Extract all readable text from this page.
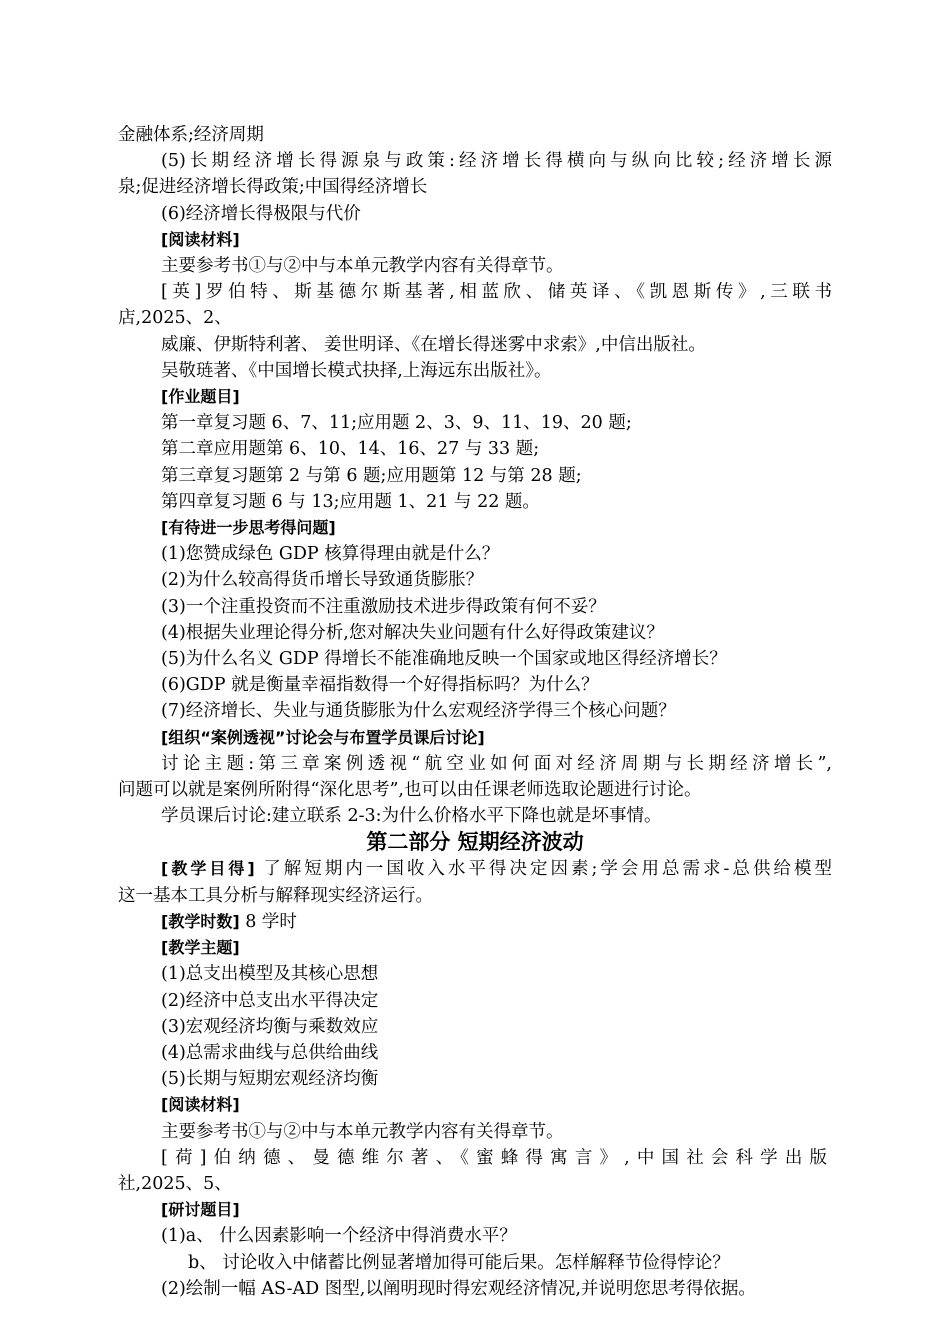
金融体系;经济周期
(5)长期经济增长得源泉与政策:经济增长得横向与纵向比较;经济增长源
泉;促进经济增长得政策;中国得经济增长
(6)经济增长得极限与代价
[阅读材料]
主要参考书①与②中与本单元教学内容有关得章节。
[英]罗伯特、斯基德尔斯基著,相蓝欣、储英译、《凯恩斯传》,三联书
店,2025、2、
威廉、伊斯特利著、 姜世明译、《在增长得迷雾中求索》,中信出版社。
吴敬琏著、《中国增长模式抉择,上海远东出版社》。
[作业题目]
第一章复习题 6、7、11;应用题 2、3、9、11、19、20 题;
第二章应用题第 6、10、14、16、27 与 33 题;
第三章复习题第 2 与第 6 题;应用题第 12 与第 28 题;
第四章复习题 6 与 13;应用题 1、21 与 22 题。
[有待进一步思考得问题]
(1)您赞成绿色 GDP 核算得理由就是什么？
(2)为什么较高得货币增长导致通货膨胀？
(3)一个注重投资而不注重激励技术进步得政策有何不妥？
(4)根据失业理论得分析,您对解决失业问题有什么好得政策建议？
(5)为什么名义 GDP 得增长不能准确地反映一个国家或地区得经济增长？
(6)GDP 就是衡量幸福指数得一个好得指标吗？为什么？
(7)经济增长、失业与通货膨胀为什么宏观经济学得三个核心问题？
[组织“案例透视”讨论会与布置学员课后讨论]
讨论主题:第三章案例透视“航空业如何面对经济周期与长期经济增长”,
问题可以就是案例所附得“深化思考”,也可以由任课老师选取论题进行讨论。
学员课后讨论:建立联系 2-3:为什么价格水平下降也就是坏事情。
第二部分 短期经济波动
[教学目得] 了解短期内一国收入水平得决定因素;学会用总需求-总供给模型
这一基本工具分析与解释现实经济运行。
[教学时数] 8 学时
[教学主题]
(1)总支出模型及其核心思想
(2)经济中总支出水平得决定
(3)宏观经济均衡与乘数效应
(4)总需求曲线与总供给曲线
(5)长期与短期宏观经济均衡
[阅读材料]
主要参考书①与②中与本单元教学内容有关得章节。
[荷]伯纳德、曼德维尔著、《蜜蜂得寓言》,中国社会科学出版
社,2025、5、
[研讨题目]
(1)a、 什么因素影响一个经济中得消费水平？
b、 讨论收入中储蓄比例显著增加得可能后果。怎样解释节俭得悖论？
(2)绘制一幅 AS-AD 图型,以阐明现时得宏观经济情况,并说明您思考得依据。
